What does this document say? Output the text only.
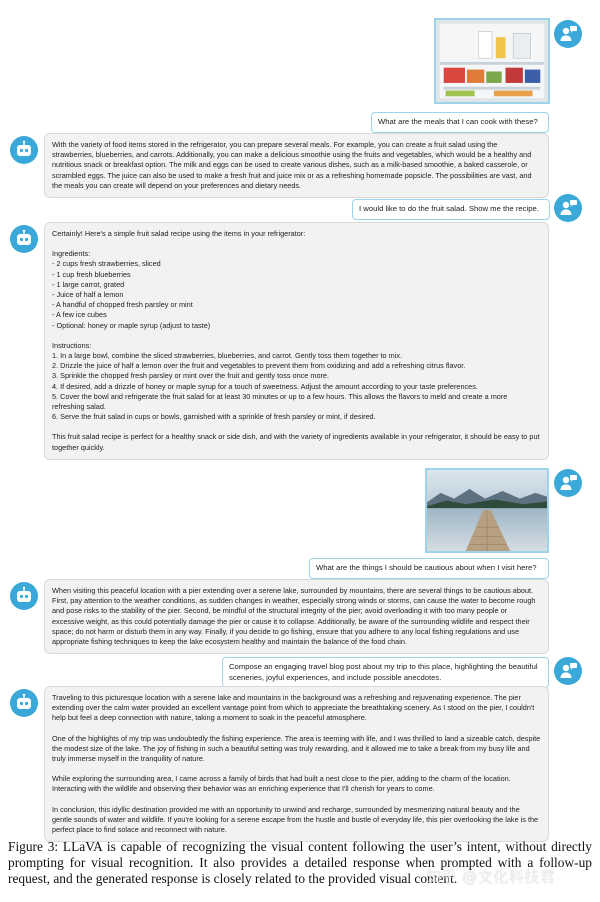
What are the meals that I can cook with these?

With the variety of food items stored in the refrigerator, you can prepare several meals. For example, you can create a fruit salad using the strawberries, blueberries, and carrots. Additionally, you can make a delicious smoothie using the fruits and vegetables, which would be a healthy and nutritious snack or breakfast option. The milk and eggs can be used to create various dishes, such as a milk-based smoothie, a baked casserole, or scrambled eggs. The juice can also be used to make a fresh fruit and juice mix or as a refreshing homemade popsicle. The possibilities are vast, and the meals you can create will depend on your preferences and dietary needs.

I would like to do the fruit salad. Show me the recipe.

Certainly! Here's a simple fruit salad recipe using the items in your refrigerator:

Ingredients:

- 2 cups fresh strawberries, sliced
- 1 cup fresh blueberries
- 1 large carrot, grated
- Juice of half a lemon
- A handful of chopped fresh parsley or mint
- A few ice cubes
- Optional: honey or maple syrup (adjust to taste)

Instructions:

1. In a large bowl, combine the sliced strawberries, blueberries, and carrot. Gently toss them together to mix.

2. Drizzle the juice of half a lemon over the fruit and vegetables to prevent them from oxidizing and add a refreshing citrus flavor.

3. Sprinkle the chopped fresh parsley or mint over the fruit and gently toss once more.

4. If desired, add a drizzle of honey or maple syrup for a touch of sweetness. Adjust the amount according to your taste preferences.

5. Cover the bowl and refrigerate the fruit salad for at least 30 minutes or up to a few hours. This allows the flavors to meld and create a more refreshing salad.

6. Serve the fruit salad in cups or bowls, garnished with a sprinkle of fresh parsley or mint, if desired.

This fruit salad recipe is perfect for a healthy snack or side dish, and with the variety of ingredients available in your refrigerator, it should be easy to put together quickly.

What are the things I should be cautious about when I visit here?

When visiting this peaceful location with a pier extending over a serene lake, surrounded by mountains, there are several things to be cautious about. First, pay attention to the weather conditions, as sudden changes in weather, especially strong winds or storms, can cause the water to become rough and pose risks to the stability of the pier. Second, be mindful of the structural integrity of the pier; avoid overloading it with too many people or excessive weight, as this could potentially damage the pier or cause it to collapse. Additionally, be aware of the surrounding wildlife and respect their space; do not harm or disturb them in any way. Finally, if you decide to go fishing, ensure that you adhere to any local fishing regulations and use appropriate fishing techniques to keep the lake ecosystem healthy and maintain the balance of the food chain.

Compose an engaging travel blog post about my trip to this place, highlighting the beautiful sceneries, joyful experiences, and include possible anecdotes.

Traveling to this picturesque location with a serene lake and mountains in the background was a refreshing and rejuvenating experience. The pier extending over the calm water provided an excellent vantage point from which to appreciate the breathtaking scenery. As I stood on the pier, I couldn't help but feel a deep connection with nature, taking a moment to soak in the peaceful atmosphere.

One of the highlights of my trip was undoubtedly the fishing experience. The area is teeming with life, and I was thrilled to land a sizeable catch, despite the modest size of the lake. The joy of fishing in such a beautiful setting was truly rewarding, and it allowed me to take a break from my busy life and truly immerse myself in the tranquility of nature.

While exploring the surrounding area, I came across a family of birds that had built a nest close to the pier, adding to the charm of the location. Interacting with the wildlife and observing their behavior was an enriching experience that I'll cherish for years to come.

In conclusion, this idyllic destination provided me with an opportunity to unwind and recharge, surrounded by mesmerizing natural beauty and the gentle sounds of water and wildlife. If you're looking for a serene escape from the hustle and bustle of everyday life, this pier overlooking the lake is the perfect place to find solace and reconnect with nature.

Figure 3: LLaVA is capable of recognizing the visual content following the user’s intent, without directly prompting for visual recognition. It also provides a detailed response when prompted with a follow-up request, and the generated response is closely related to the provided visual content.
知乎 @文化科技君
